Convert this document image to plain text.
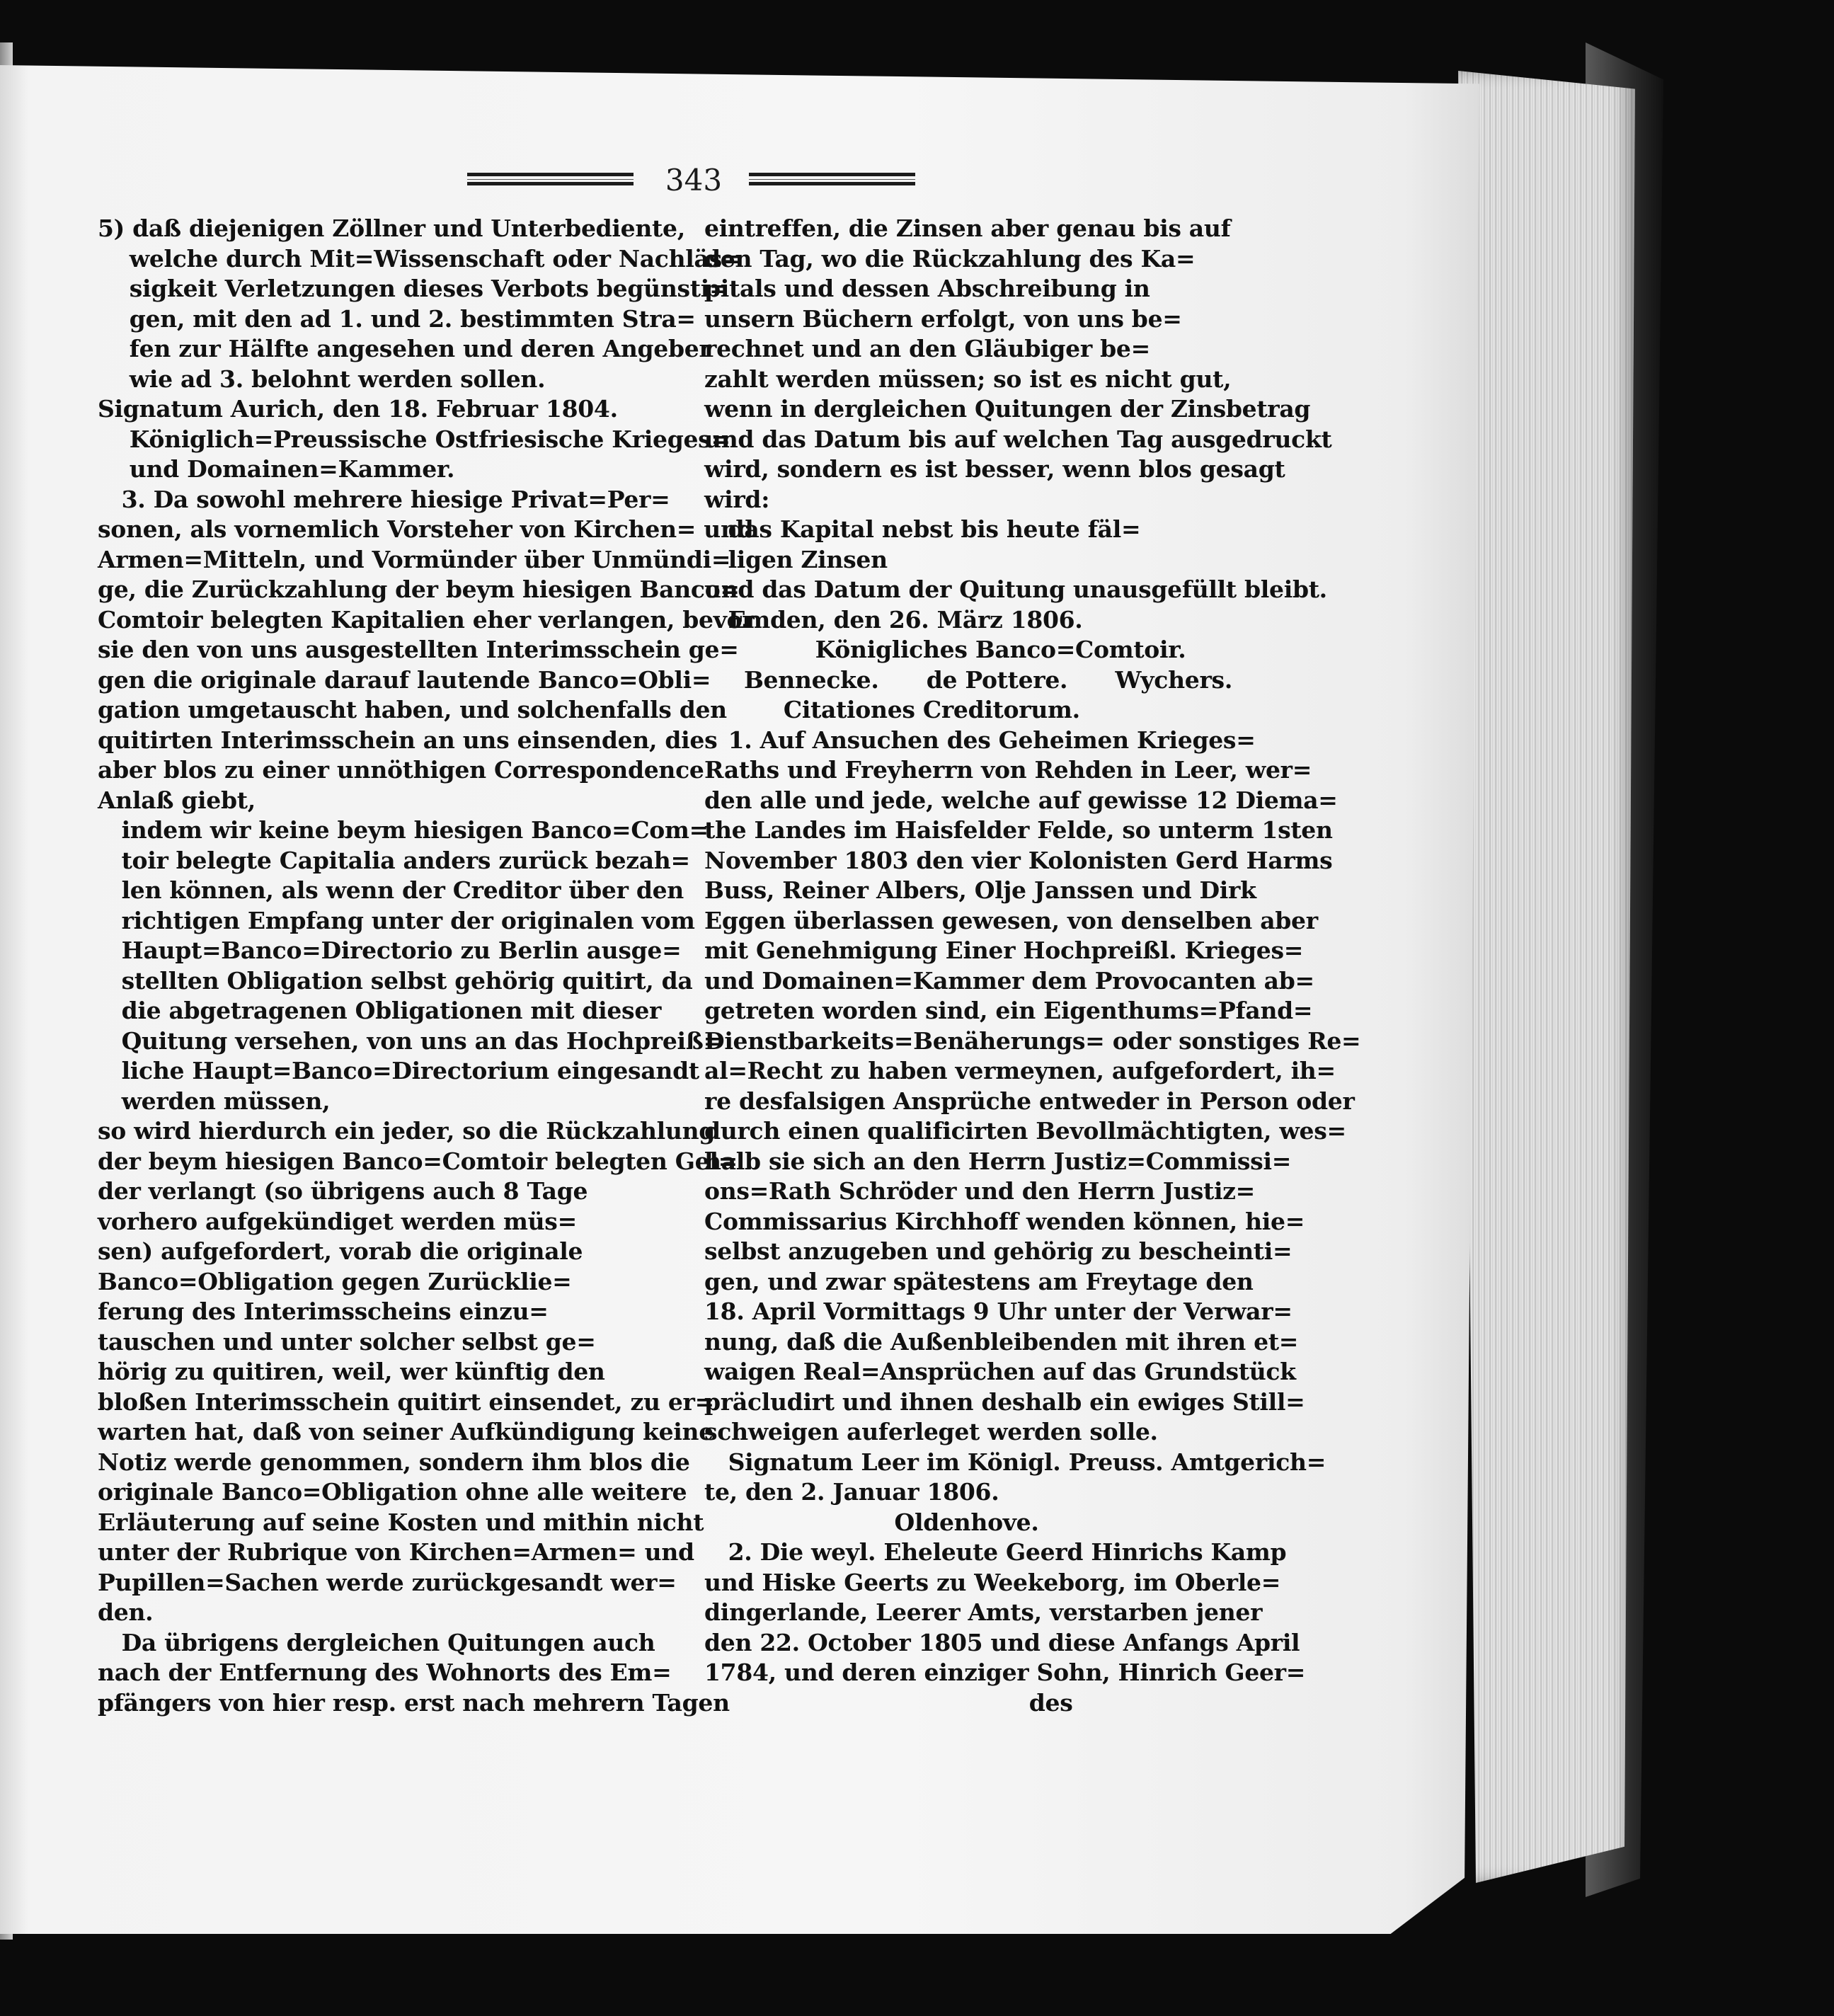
343
5) daß diejenigen Zöllner und Unterbediente,
welche durch Mit=Wissenschaft oder Nachläs=
sigkeit Verletzungen dieses Verbots begünsti=
gen, mit den ad 1. und 2. bestimmten Stra=
fen zur Hälfte angesehen und deren Angeber
wie ad 3. belohnt werden sollen.
Signatum Aurich, den 18. Februar 1804.
Königlich=Preussische Ostfriesische Krieges=
und Domainen=Kammer.
3. Da sowohl mehrere hiesige Privat=Per=
sonen, als vornemlich Vorsteher von Kirchen= und
Armen=Mitteln, und Vormünder über Unmündi=
ge, die Zurückzahlung der beym hiesigen Banco=
Comtoir belegten Kapitalien eher verlangen, bevor
sie den von uns ausgestellten Interimsschein ge=
gen die originale darauf lautende Banco=Obli=
gation umgetauscht haben, und solchenfalls den
quitirten Interimsschein an uns einsenden, dies
aber blos zu einer unnöthigen Correspondence
Anlaß giebt,
indem wir keine beym hiesigen Banco=Com=
toir belegte Capitalia anders zurück bezah=
len können, als wenn der Creditor über den
richtigen Empfang unter der originalen vom
Haupt=Banco=Directorio zu Berlin ausge=
stellten Obligation selbst gehörig quitirt, da
die abgetragenen Obligationen mit dieser
Quitung versehen, von uns an das Hochpreiß=
liche Haupt=Banco=Directorium eingesandt
werden müssen,
so wird hierdurch ein jeder, so die Rückzahlung
der beym hiesigen Banco=Comtoir belegten Gel=
der verlangt (so übrigens auch 8 Tage
vorhero aufgekündiget werden müs=
sen) aufgefordert, vorab die originale
Banco=Obligation gegen Zurücklie=
ferung des Interimsscheins einzu=
tauschen und unter solcher selbst ge=
hörig zu quitiren, weil, wer künftig den
bloßen Interimsschein quitirt einsendet, zu er=
warten hat, daß von seiner Aufkündigung keine
Notiz werde genommen, sondern ihm blos die
originale Banco=Obligation ohne alle weitere
Erläuterung auf seine Kosten und mithin nicht
unter der Rubrique von Kirchen=Armen= und
Pupillen=Sachen werde zurückgesandt wer=
den.
Da übrigens dergleichen Quitungen auch
nach der Entfernung des Wohnorts des Em=
pfängers von hier resp. erst nach mehrern Tagen
eintreffen, die Zinsen aber genau bis auf
den Tag, wo die Rückzahlung des Ka=
pitals und dessen Abschreibung in
unsern Büchern erfolgt, von uns be=
rechnet und an den Gläubiger be=
zahlt werden müssen; so ist es nicht gut,
wenn in dergleichen Quitungen der Zinsbetrag
und das Datum bis auf welchen Tag ausgedruckt
wird, sondern es ist besser, wenn blos gesagt
wird:
das Kapital nebst bis heute fäl=
ligen Zinsen
und das Datum der Quitung unausgefüllt bleibt.
Emden, den 26. März 1806.
Königliches Banco=Comtoir.
Bennecke.      de Pottere.      Wychers.
Citationes Creditorum.
1. Auf Ansuchen des Geheimen Krieges=
Raths und Freyherrn von Rehden in Leer, wer=
den alle und jede, welche auf gewisse 12 Diema=
the Landes im Haisfelder Felde, so unterm 1sten
November 1803 den vier Kolonisten Gerd Harms
Buss, Reiner Albers, Olje Janssen und Dirk
Eggen überlassen gewesen, von denselben aber
mit Genehmigung Einer Hochpreißl. Krieges=
und Domainen=Kammer dem Provocanten ab=
getreten worden sind, ein Eigenthums=Pfand=
Dienstbarkeits=Benäherungs= oder sonstiges Re=
al=Recht zu haben vermeynen, aufgefordert, ih=
re desfalsigen Ansprüche entweder in Person oder
durch einen qualificirten Bevollmächtigten, wes=
halb sie sich an den Herrn Justiz=Commissi=
ons=Rath Schröder und den Herrn Justiz=
Commissarius Kirchhoff wenden können, hie=
selbst anzugeben und gehörig zu bescheinti=
gen, und zwar spätestens am Freytage den
18. April Vormittags 9 Uhr unter der Verwar=
nung, daß die Außenbleibenden mit ihren et=
waigen Real=Ansprüchen auf das Grundstück
präcludirt und ihnen deshalb ein ewiges Still=
schweigen auferleget werden solle.
Signatum Leer im Königl. Preuss. Amtgerich=
te, den 2. Januar 1806.
Oldenhove.
2. Die weyl. Eheleute Geerd Hinrichs Kamp
und Hiske Geerts zu Weekeborg, im Oberle=
dingerlande, Leerer Amts, verstarben jener
den 22. October 1805 und diese Anfangs April
1784, und deren einziger Sohn, Hinrich Geer=
des
